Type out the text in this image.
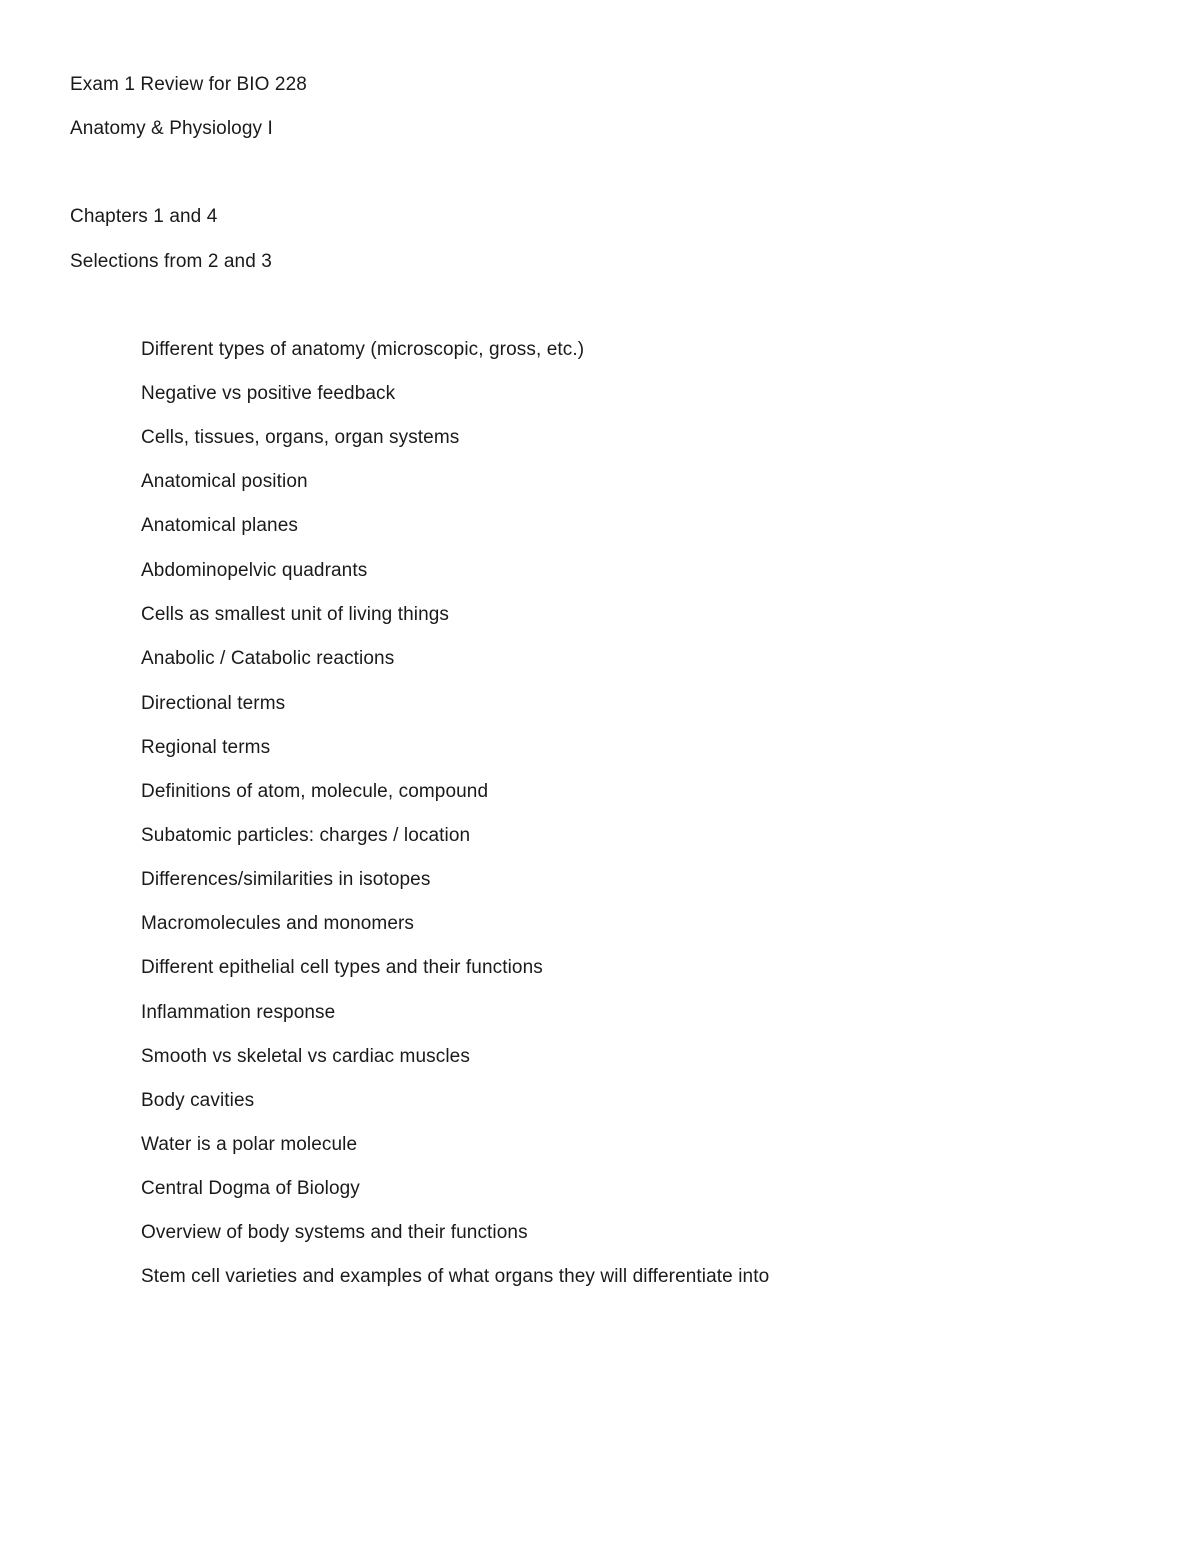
Exam 1 Review for BIO 228
Anatomy & Physiology I
Chapters 1 and 4
Selections from 2 and 3
Different types of anatomy (microscopic, gross, etc.)
Negative vs positive feedback
Cells, tissues, organs, organ systems
Anatomical position
Anatomical planes
Abdominopelvic quadrants
Cells as smallest unit of living things
Anabolic / Catabolic reactions
Directional terms
Regional terms
Definitions of atom, molecule, compound
Subatomic particles: charges / location
Differences/similarities in isotopes
Macromolecules and monomers
Different epithelial cell types and their functions
Inflammation response
Smooth vs skeletal vs cardiac muscles
Body cavities
Water is a polar molecule
Central Dogma of Biology
Overview of body systems and their functions
Stem cell varieties and examples of what organs they will differentiate into
